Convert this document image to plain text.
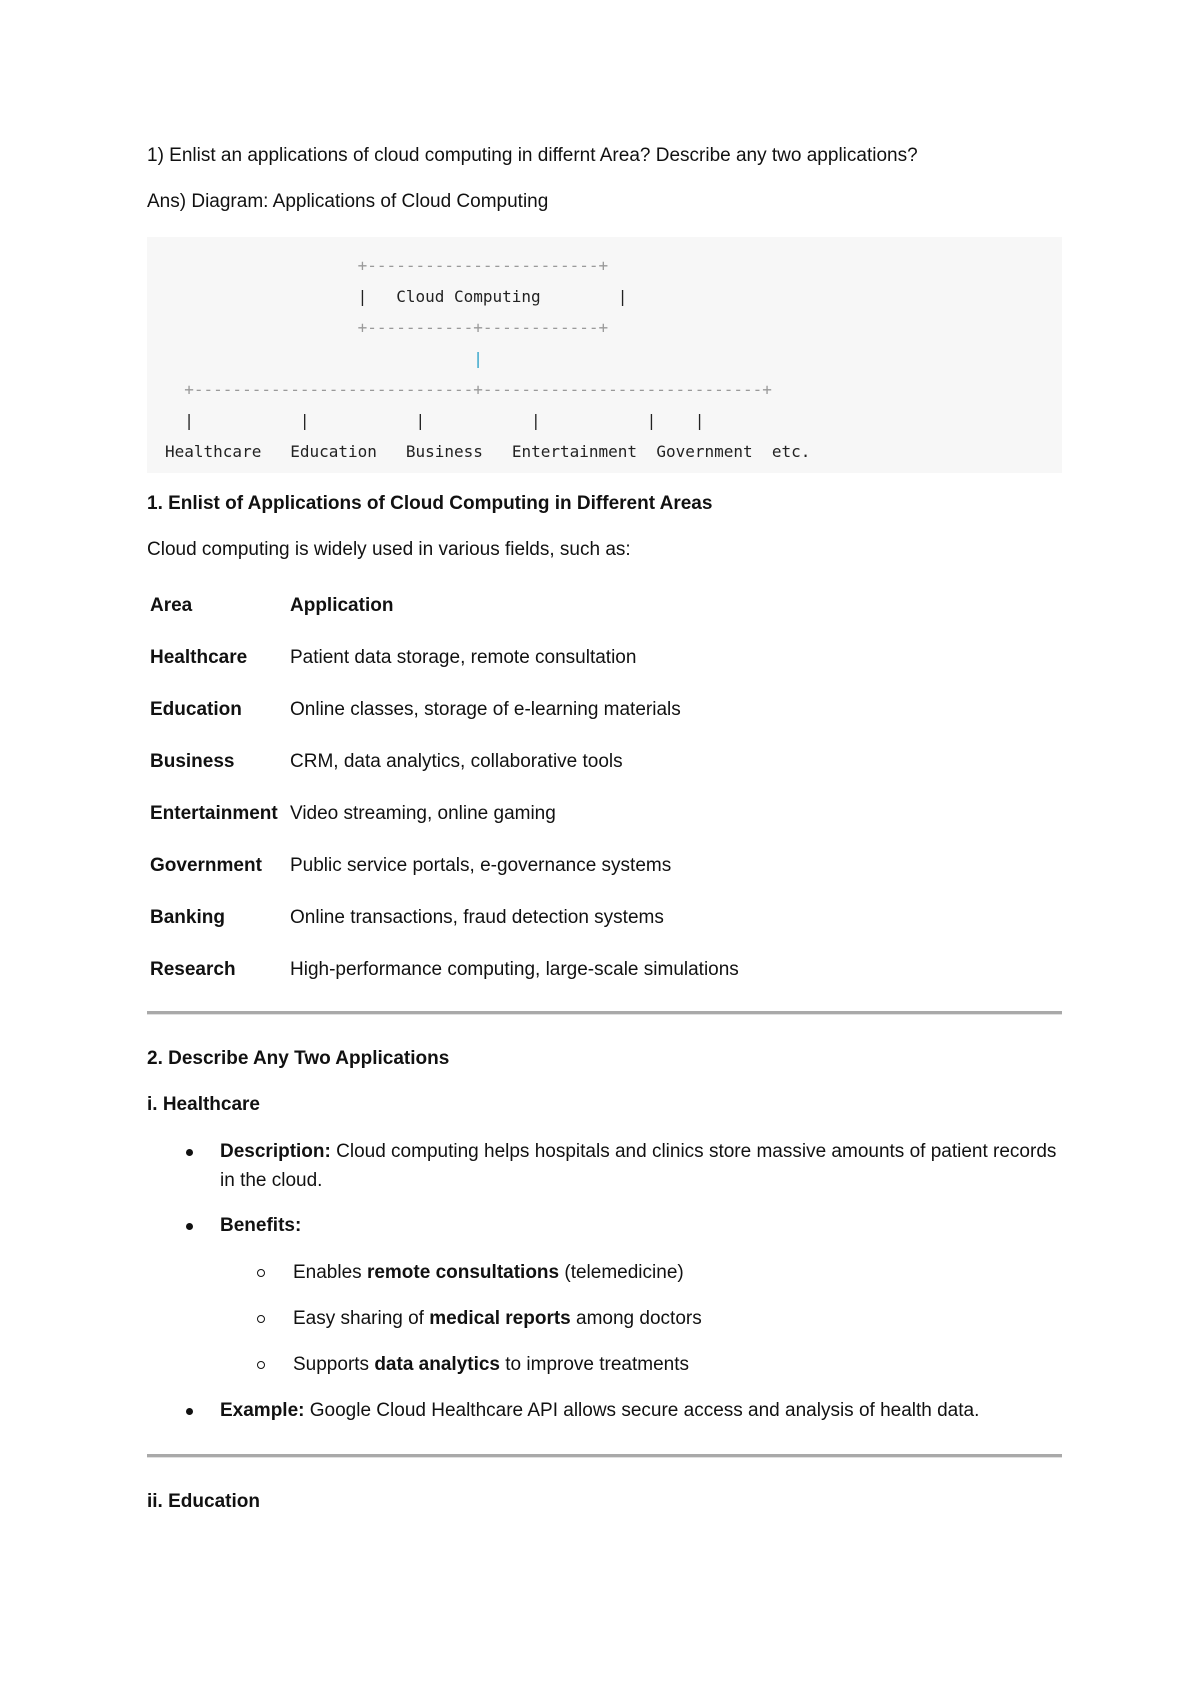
1) Enlist an applications of cloud computing in differnt Area? Describe any two applications?
Ans) Diagram: Applications of Cloud Computing
+------------------------+
|   Cloud Computing	|
+-----------+------------+
|
+-----------------------------+-----------------------------+
|           |           |           |           |    |
Healthcare Education Business Entertainment Government etc.
1. Enlist of Applications of Cloud Computing in Different Areas
Cloud computing is widely used in various fields, such as:
Area	Application
Healthcare	Patient data storage, remote consultation
Education	Online classes, storage of e-learning materials
Business	CRM, data analytics, collaborative tools
Entertainment	Video streaming, online gaming
Government	Public service portals, e-governance systems
Banking	Online transactions, fraud detection systems
Research	High-performance computing, large-scale simulations
2. Describe Any Two Applications
i. Healthcare
Description: Cloud computing helps hospitals and clinics store massive amounts of patient records in the cloud.
Benefits:
Enables remote consultations (telemedicine)
Easy sharing of medical reports among doctors
Supports data analytics to improve treatments
Example: Google Cloud Healthcare API allows secure access and analysis of health data.
ii. Education
